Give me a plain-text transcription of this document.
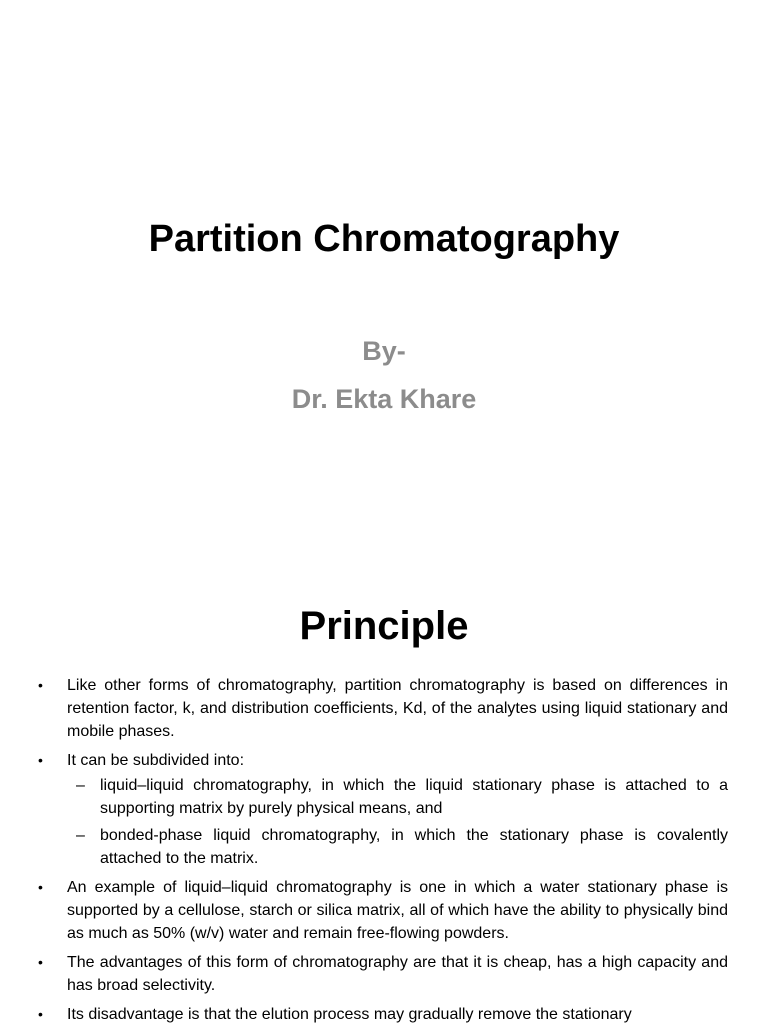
Partition Chromatography
By-
Dr. Ekta Khare
Principle
• Like other forms of chromatography, partition chromatography is based on differences in retention factor, k, and distribution coefficients, Kd, of the analytes using liquid stationary and mobile phases.
• It can be subdivided into:
– liquid–liquid chromatography, in which the liquid stationary phase is attached to a supporting matrix by purely physical means, and
– bonded-phase liquid chromatography, in which the stationary phase is covalently attached to the matrix.
• An example of liquid–liquid chromatography is one in which a water stationary phase is supported by a cellulose, starch or silica matrix, all of which have the ability to physically bind as much as 50% (w/v) water and remain free-flowing powders.
• The advantages of this form of chromatography are that it is cheap, has a high capacity and has broad selectivity.
• Its disadvantage is that the elution process may gradually remove the stationary
